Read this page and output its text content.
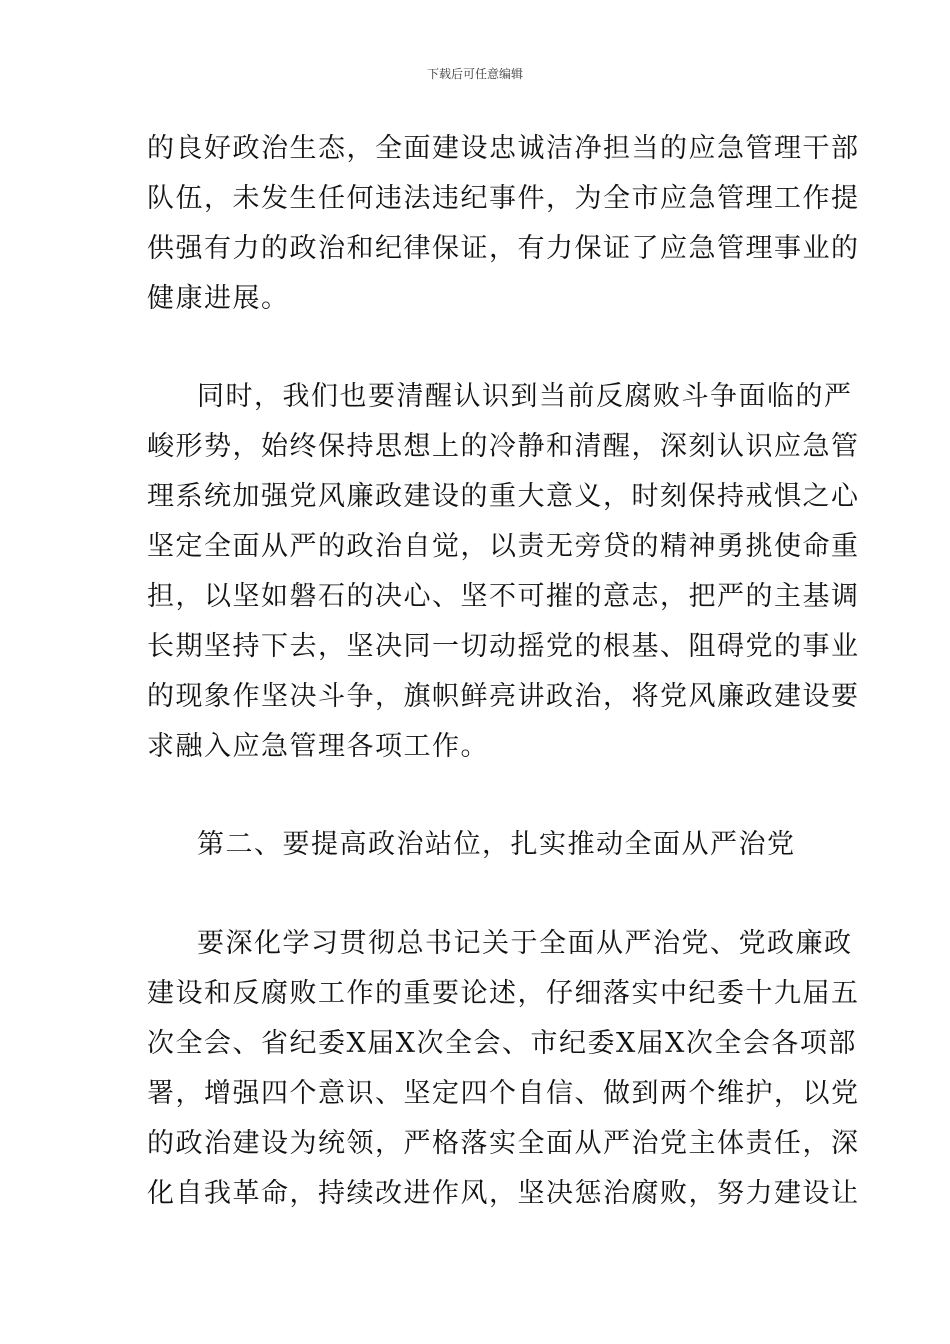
下载后可任意编辑
的良好政治生态，全面建设忠诚洁净担当的应急管理干部
队伍，未发生任何违法违纪事件，为全市应急管理工作提
供强有力的政治和纪律保证，有力保证了应急管理事业的
健康进展。
同时，我们也要清醒认识到当前反腐败斗争面临的严
峻形势，始终保持思想上的冷静和清醒，深刻认识应急管
理系统加强党风廉政建设的重大意义，时刻保持戒惧之心
坚定全面从严的政治自觉，以责无旁贷的精神勇挑使命重
担，以坚如磐石的决心、坚不可摧的意志，把严的主基调
长期坚持下去，坚决同一切动摇党的根基、阻碍党的事业
的现象作坚决斗争，旗帜鲜亮讲政治，将党风廉政建设要
求融入应急管理各项工作。
第二、要提高政治站位，扎实推动全面从严治党
要深化学习贯彻总书记关于全面从严治党、党政廉政
建设和反腐败工作的重要论述，仔细落实中纪委十九届五
次全会、省纪委X届X次全会、市纪委X届X次全会各项部
署，增强四个意识、坚定四个自信、做到两个维护，以党
的政治建设为统领，严格落实全面从严治党主体责任，深
化自我革命，持续改进作风，坚决惩治腐败，努力建设让
